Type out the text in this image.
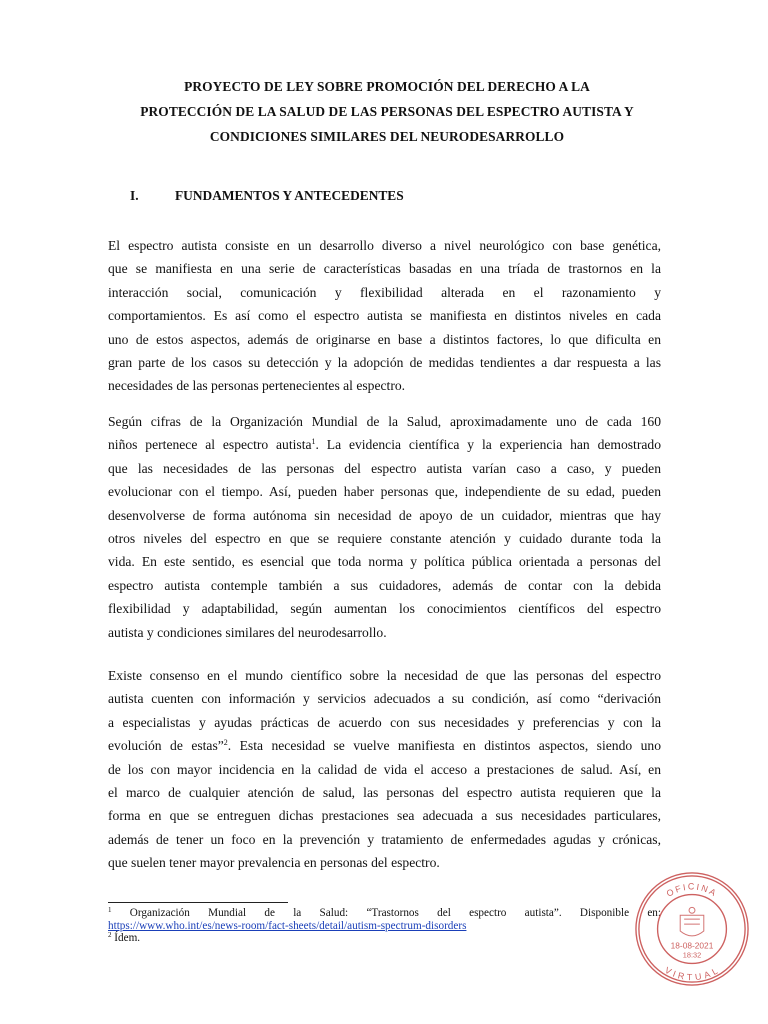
PROYECTO DE LEY SOBRE PROMOCIÓN DEL DERECHO A LA
PROTECCIÓN DE LA SALUD DE LAS PERSONAS DEL ESPECTRO AUTISTA Y
CONDICIONES SIMILARES DEL NEURODESARROLLO
I.	FUNDAMENTOS Y ANTECEDENTES
El espectro autista consiste en un desarrollo diverso a nivel neurológico con base genética,
que se manifiesta en una serie de características basadas en una tríada de trastornos en la
interacción social, comunicación y flexibilidad alterada en el razonamiento y
comportamientos. Es así como el espectro autista se manifiesta en distintos niveles en cada
uno de estos aspectos, además de originarse en base a distintos factores, lo que dificulta en
gran parte de los casos su detección y la adopción de medidas tendientes a dar respuesta a las
necesidades de las personas pertenecientes al espectro.
Según cifras de la Organización Mundial de la Salud, aproximadamente uno de cada 160
niños pertenece al espectro autista$^1$. La evidencia científica y la experiencia han demostrado
que las necesidades de las personas del espectro autista varían caso a caso, y pueden
evolucionar con el tiempo. Así, pueden haber personas que, independiente de su edad, pueden
desenvolverse de forma autónoma sin necesidad de apoyo de un cuidador, mientras que hay
otros niveles del espectro en que se requiere constante atención y cuidado durante toda la
vida. En este sentido, es esencial que toda norma y política pública orientada a personas del
espectro autista contemple también a sus cuidadores, además de contar con la debida
flexibilidad y adaptabilidad, según aumentan los conocimientos científicos del espectro
autista y condiciones similares del neurodesarrollo.
Existe consenso en el mundo científico sobre la necesidad de que las personas del espectro
autista cuenten con información y servicios adecuados a su condición, así como “derivación
a especialistas y ayudas prácticas de acuerdo con sus necesidades y preferencias y con la
evolución de estas”$^2$. Esta necesidad se vuelve manifiesta en distintos aspectos, siendo uno
de los con mayor incidencia en la calidad de vida el acceso a prestaciones de salud. Así, en
el marco de cualquier atención de salud, las personas del espectro autista requieren que la
forma en que se entreguen dichas prestaciones sea adecuada a sus necesidades particulares,
además de tener un foco en la prevención y tratamiento de enfermedades agudas y crónicas,
que suelen tener mayor prevalencia en personas del espectro.
$^1$ Organización Mundial de la Salud: “Trastornos del espectro autista”. Disponible en:
https://www.who.int/es/news-room/fact-sheets/detail/autism-spectrum-disorders
$^2$ Ídem.
OFICINA
VIRTUAL
18-08-2021
18:32
